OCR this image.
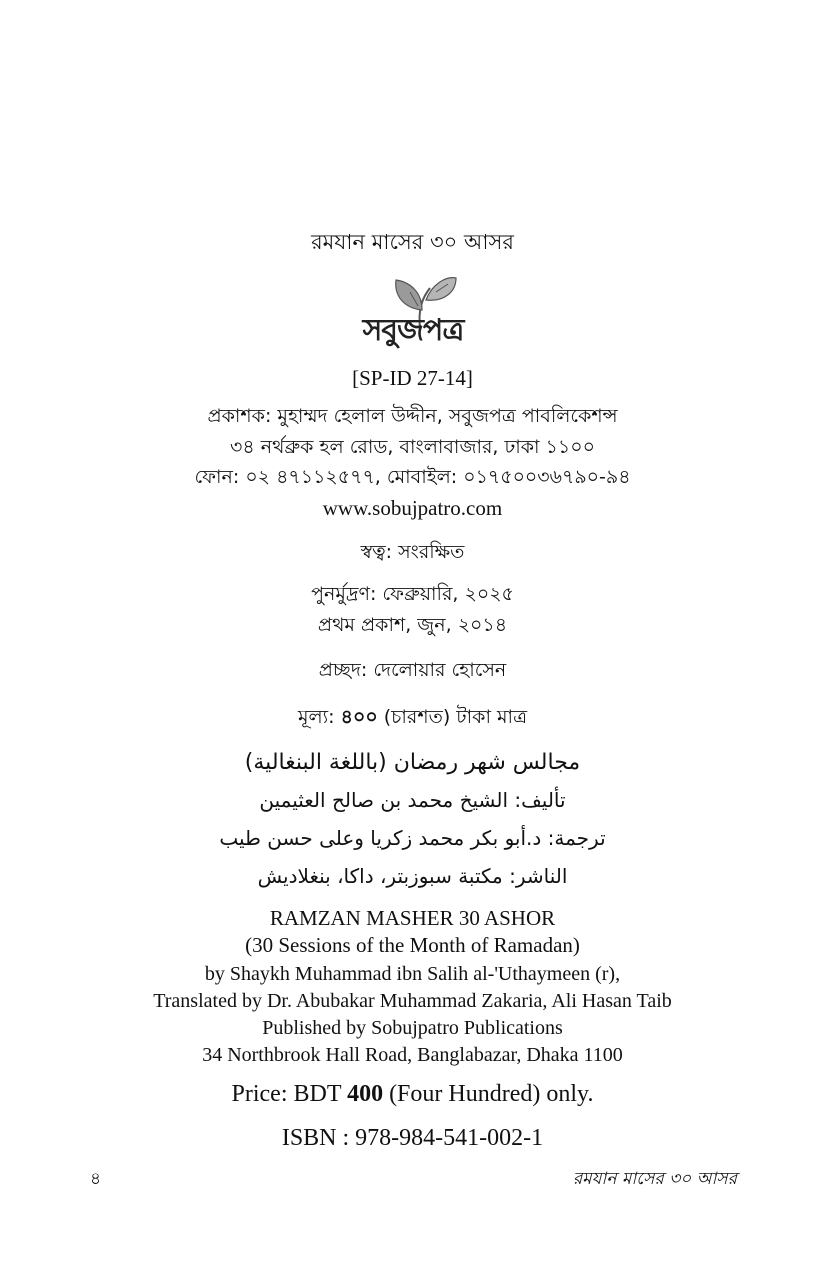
রমযান মাসের ৩০ আসর
সবুজপত্র
[SP-ID 27-14]
প্রকাশক: মুহাম্মদ হেলাল উদ্দীন, সবুজপত্র পাবলিকেশন্স
৩৪ নর্থব্রুক হল রোড, বাংলাবাজার, ঢাকা ১১০০
ফোন: ০২ ৪৭১১২৫৭৭, মোবাইল: ০১৭৫০০৩৬৭৯০-৯৪
www.sobujpatro.com
স্বত্ব: সংরক্ষিত
পুনর্মুদ্রণ: ফেব্রুয়ারি, ২০২৫
প্রথম প্রকাশ, জুন, ২০১৪
প্রচ্ছদ: দেলোয়ার হোসেন
মূল্য: ৪০০ (চারশত) টাকা মাত্র
مجالس شهر رمضان (باللغة البنغالية)
تأليف: الشيخ محمد بن صالح العثيمين
ترجمة: د.أبو بكر محمد زكريا وعلى حسن طيب
الناشر: مكتبة سبوزبتر، داكا، بنغلاديش
RAMZAN MASHER 30 ASHOR
(30 Sessions of the Month of Ramadan)
by Shaykh Muhammad ibn Salih al-'Uthaymeen (r),
Translated by Dr. Abubakar Muhammad Zakaria, Ali Hasan Taib
Published by Sobujpatro Publications
34 Northbrook Hall Road, Banglabazar, Dhaka 1100
Price: BDT 400 (Four Hundred) only.
ISBN : 978-984-541-002-1
৪	রমযান মাসের ৩০ আসর
